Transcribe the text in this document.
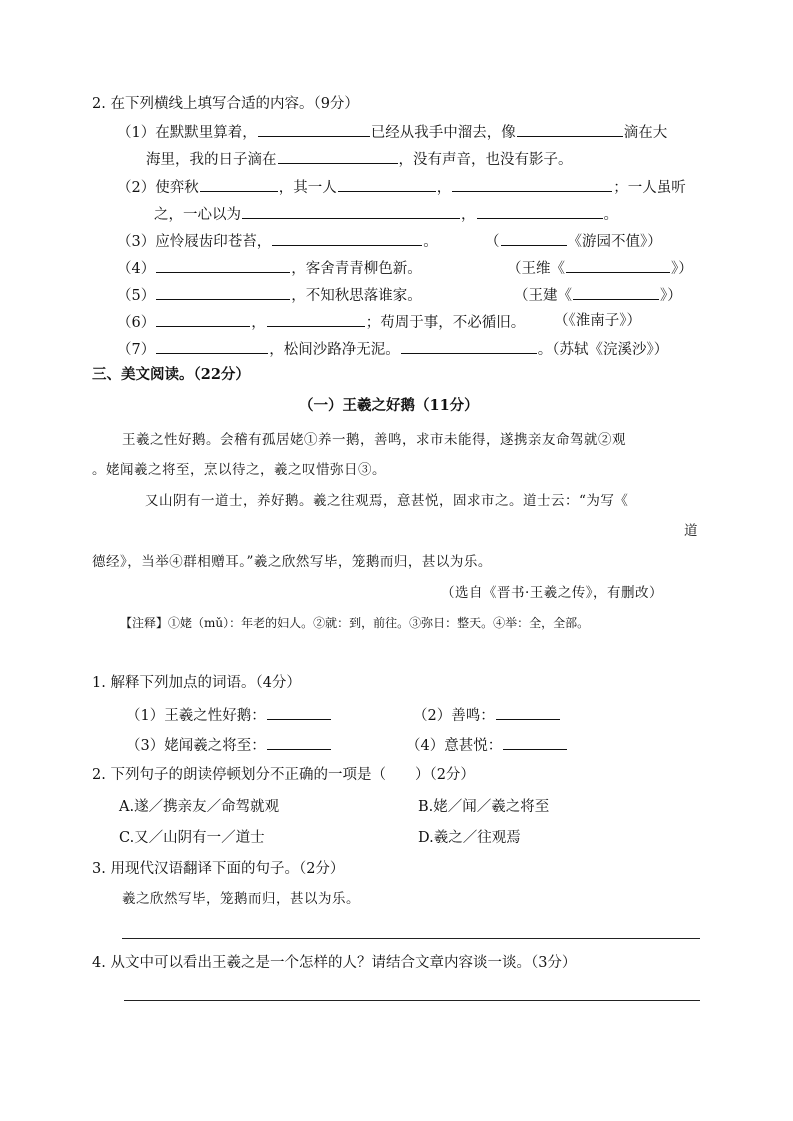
2. 在下列横线上填写合适的内容。（9分）
（1）在默默里算着，	已经从我手中溜去，像	滴在大
海里，我的日子滴在	，没有声音，也没有影子。
（2）使弈秋	，其一人	，	；一人虽听
之，一心以为	，	。
（3）应怜屐齿印苍苔，	。	（	《游园不值》）
（4）	，客舍青青柳色新。	（王维《	》）
（5）	，不知秋思落谁家。	（王建《	》）
（6）	，	；苟周于事，不必循旧。 （《淮南子》）
（7）	，松间沙路净无泥。	。（苏轼《浣溪沙》）
三、美文阅读。（22分）
（一）王羲之好鹅（11分）
王羲之性好鹅。会稽有孤居姥①养一鹅，善鸣，求市未能得，遂携亲友命驾就②观
。姥闻羲之将至，烹以待之，羲之叹惜弥日③。
又山阴有一道士，养好鹅。羲之往观焉，意甚悦，固求市之。道士云：“为写《
道
德经》，当举④群相赠耳。”羲之欣然写毕，笼鹅而归，甚以为乐。
（选自《晋书·王羲之传》，有删改）
【注释】①姥（mǔ）：年老的妇人。②就：到，前往。③弥日：整天。④举：全，全部。
1. 解释下列加点的词语。（4分）
（1）王羲之性好鹅：	（2）善鸣：
（3）姥闻羲之将至：	（4）意甚悦：
2. 下列句子的朗读停顿划分不正确的一项是（　　）（2分）
A.遂／携亲友／命驾就观	B.姥／闻／羲之将至
C.又／山阴有一／道士	D.羲之／往观焉
3. 用现代汉语翻译下面的句子。（2分）
羲之欣然写毕，笼鹅而归，甚以为乐。
4. 从文中可以看出王羲之是一个怎样的人？请结合文章内容谈一谈。（3分）
